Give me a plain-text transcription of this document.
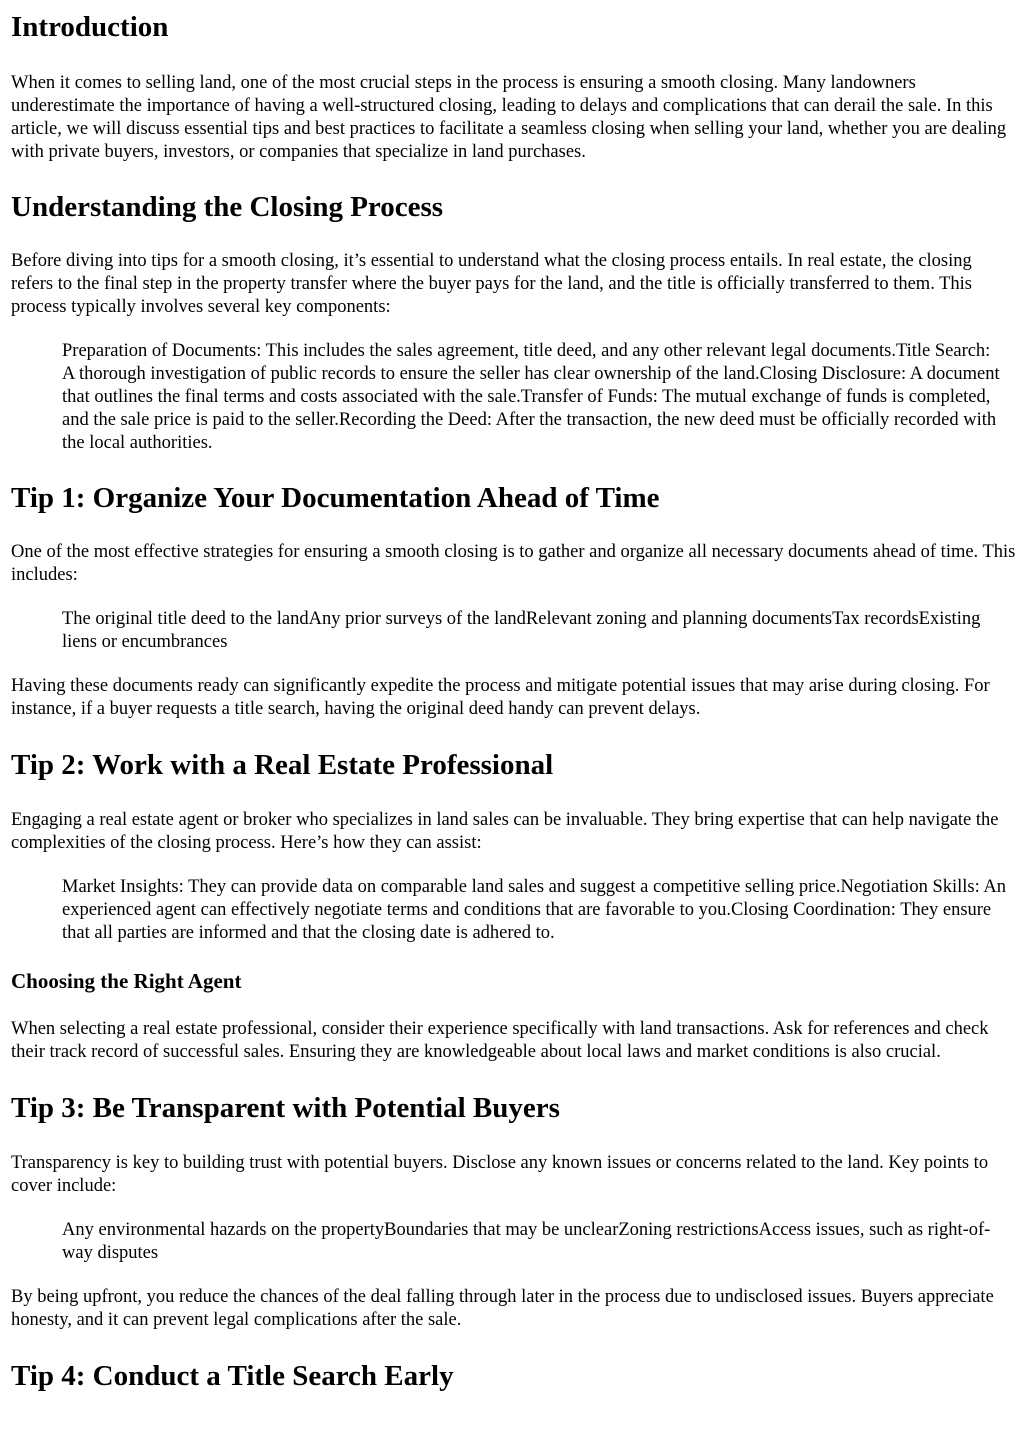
Introduction

When it comes to selling land, one of the most crucial steps in the process is ensuring a smooth closing. Many landowners underestimate the importance of having a well-structured closing, leading to delays and complications that can derail the sale. In this article, we will discuss essential tips and best practices to facilitate a seamless closing when selling your land, whether you are dealing with private buyers, investors, or companies that specialize in land purchases.

Understanding the Closing Process

Before diving into tips for a smooth closing, it’s essential to understand what the closing process entails. In real estate, the closing refers to the final step in the property transfer where the buyer pays for the land, and the title is officially transferred to them. This process typically involves several key components:

Preparation of Documents: This includes the sales agreement, title deed, and any other relevant legal documents.Title Search: A thorough investigation of public records to ensure the seller has clear ownership of the land.Closing Disclosure: A document that outlines the final terms and costs associated with the sale.Transfer of Funds: The mutual exchange of funds is completed, and the sale price is paid to the seller.Recording the Deed: After the transaction, the new deed must be officially recorded with the local authorities.

Tip 1: Organize Your Documentation Ahead of Time

One of the most effective strategies for ensuring a smooth closing is to gather and organize all necessary documents ahead of time. This includes:

The original title deed to the landAny prior surveys of the landRelevant zoning and planning documentsTax recordsExisting liens or encumbrances

Having these documents ready can significantly expedite the process and mitigate potential issues that may arise during closing. For instance, if a buyer requests a title search, having the original deed handy can prevent delays.

Tip 2: Work with a Real Estate Professional

Engaging a real estate agent or broker who specializes in land sales can be invaluable. They bring expertise that can help navigate the complexities of the closing process. Here’s how they can assist:

Market Insights: They can provide data on comparable land sales and suggest a competitive selling price.Negotiation Skills: An experienced agent can effectively negotiate terms and conditions that are favorable to you.Closing Coordination: They ensure that all parties are informed and that the closing date is adhered to.

Choosing the Right Agent

When selecting a real estate professional, consider their experience specifically with land transactions. Ask for references and check their track record of successful sales. Ensuring they are knowledgeable about local laws and market conditions is also crucial.

Tip 3: Be Transparent with Potential Buyers

Transparency is key to building trust with potential buyers. Disclose any known issues or concerns related to the land. Key points to cover include:

Any environmental hazards on the propertyBoundaries that may be unclearZoning restrictionsAccess issues, such as right-of-way disputes

By being upfront, you reduce the chances of the deal falling through later in the process due to undisclosed issues. Buyers appreciate honesty, and it can prevent legal complications after the sale.

Tip 4: Conduct a Title Search Early
